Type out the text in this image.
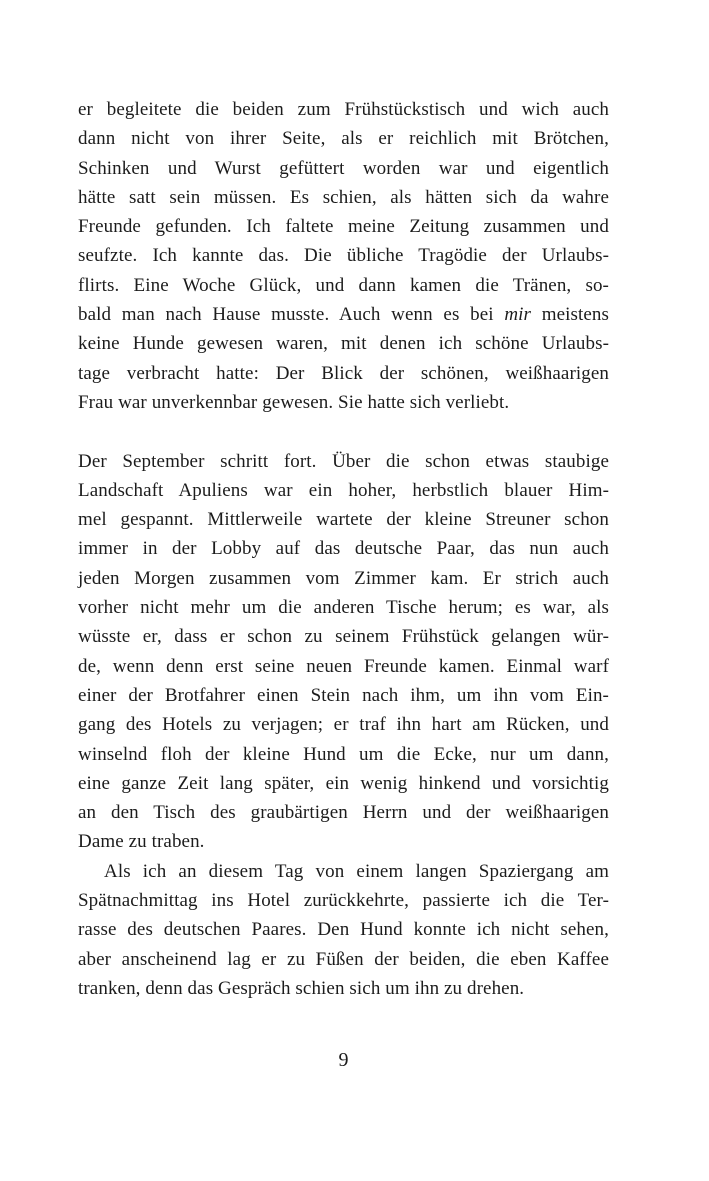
er begleitete die beiden zum Frühstückstisch und wich auch
dann nicht von ihrer Seite, als er reichlich mit Brötchen,
Schinken und Wurst gefüttert worden war und eigentlich
hätte satt sein müssen. Es schien, als hätten sich da wahre
Freunde gefunden. Ich faltete meine Zeitung zusammen und
seufzte. Ich kannte das. Die übliche Tragödie der Urlaubs-
flirts. Eine Woche Glück, und dann kamen die Tränen, so-
bald man nach Hause musste. Auch wenn es bei mir meistens
keine Hunde gewesen waren, mit denen ich schöne Urlaubs-
tage verbracht hatte: Der Blick der schönen, weißhaarigen
Frau war unverkennbar gewesen. Sie hatte sich verliebt.
Der September schritt fort. Über die schon etwas staubige
Landschaft Apuliens war ein hoher, herbstlich blauer Him-
mel gespannt. Mittlerweile wartete der kleine Streuner schon
immer in der Lobby auf das deutsche Paar, das nun auch
jeden Morgen zusammen vom Zimmer kam. Er strich auch
vorher nicht mehr um die anderen Tische herum; es war, als
wüsste er, dass er schon zu seinem Frühstück gelangen wür-
de, wenn denn erst seine neuen Freunde kamen. Einmal warf
einer der Brotfahrer einen Stein nach ihm, um ihn vom Ein-
gang des Hotels zu verjagen; er traf ihn hart am Rücken, und
winselnd floh der kleine Hund um die Ecke, nur um dann,
eine ganze Zeit lang später, ein wenig hinkend und vorsichtig
an den Tisch des graubärtigen Herrn und der weißhaarigen
Dame zu traben.
Als ich an diesem Tag von einem langen Spaziergang am
Spätnachmittag ins Hotel zurückkehrte, passierte ich die Ter-
rasse des deutschen Paares. Den Hund konnte ich nicht sehen,
aber anscheinend lag er zu Füßen der beiden, die eben Kaffee
tranken, denn das Gespräch schien sich um ihn zu drehen.
9
